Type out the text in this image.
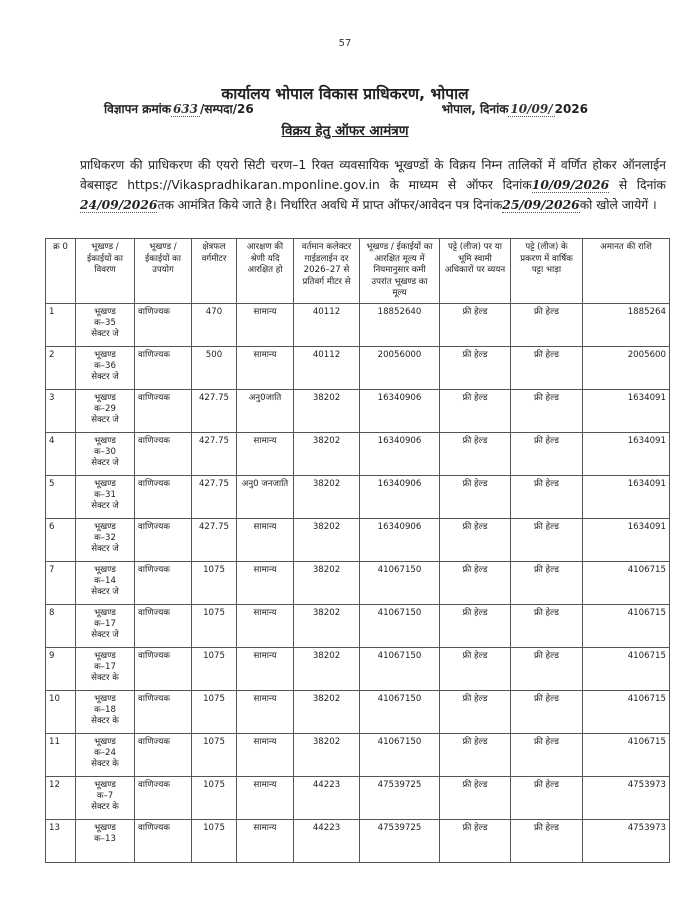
57
कार्यालय भोपाल विकास प्राधिकरण, भोपाल
विज्ञापन क्रमांक 633 /सम्पदा/26	भोपाल, दिनांक 10/09/ 2026
विक्रय हेतु ऑफर आमंत्रण
प्राधिकरण की प्राधिकरण की एयरो सिटी चरण–1 रिक्त व्यवसायिक भूखण्डों के विक्रय निम्न तालिकों में वर्णित होकर ऑनलाईन वेबसाइट https://Vikaspradhikaran.mponline.gov.in के माध्यम से ऑफर दिनांक10/09/2026 से दिनांक 24/09/2026तक आमंत्रित किये जाते है। निर्धारित अवधि में प्राप्त ऑफर/आवेदन पत्र दिनांक25/09/2026को खोले जायेगें ।
क्र 0	भूखण्ड / ईकाईयों का विवरण	भूखण्ड / ईकाईयों का उपयोग	क्षेत्रफल वर्गमीटर	आरक्षण की श्रेणी यदि आरक्षित हो	वर्तमान कलेक्टर गाईडलाईन दर 2026–27 से प्रतिवर्ग मीटर से	भूखण्ड / ईकाईयों का आरक्षित मूल्य में नियमानुसार कमी उपरांत भूखण्ड का मूल्य	पट्टे (लीज) पर या भूमि स्वामी अधिकारों पर व्ययन	पट्टे (लीज) के प्रकरण में वार्षिक पट्टा भाड़ा	अमानत की राशि
1	भूखण्ड
क–35
सेक्टर जे	वाणिज्यक	470	सामान्य	40112	18852640	फ्री हेल्ड	फ्री हेल्ड	1885264
2	भूखण्ड
क–36
सेक्टर जे	वाणिज्यक	500	सामान्य	40112	20056000	फ्री हेल्ड	फ्री हेल्ड	2005600
3	भूखण्ड
क–29
सेक्टर जे	वाणिज्यक	427.75	अनु0जाति	38202	16340906	फ्री हेल्ड	फ्री हेल्ड	1634091
4	भूखण्ड
क–30
सेक्टर जे	वाणिज्यक	427.75	सामान्य	38202	16340906	फ्री हेल्ड	फ्री हेल्ड	1634091
5	भूखण्ड
क–31
सेक्टर जे	वाणिज्यक	427.75	अनु0 जनजाति	38202	16340906	फ्री हेल्ड	फ्री हेल्ड	1634091
6	भूखण्ड
क–32
सेक्टर जे	वाणिज्यक	427.75	सामान्य	38202	16340906	फ्री हेल्ड	फ्री हेल्ड	1634091
7	भूखण्ड
क–14
सेक्टर जे	वाणिज्यक	1075	सामान्य	38202	41067150	फ्री हेल्ड	फ्री हेल्ड	4106715
8	भूखण्ड
क–17
सेक्टर जे	वाणिज्यक	1075	सामान्य	38202	41067150	फ्री हेल्ड	फ्री हेल्ड	4106715
9	भूखण्ड
क–17
सेक्टर के	वाणिज्यक	1075	सामान्य	38202	41067150	फ्री हेल्ड	फ्री हेल्ड	4106715
10	भूखण्ड
क–18
सेक्टर के	वाणिज्यक	1075	सामान्य	38202	41067150	फ्री हेल्ड	फ्री हेल्ड	4106715
11	भूखण्ड
क–24
सेक्टर के	वाणिज्यक	1075	सामान्य	38202	41067150	फ्री हेल्ड	फ्री हेल्ड	4106715
12	भूखण्ड
क–7
सेक्टर के	वाणिज्यक	1075	सामान्य	44223	47539725	फ्री हेल्ड	फ्री हेल्ड	4753973
13	भूखण्ड
क–13	वाणिज्यक	1075	सामान्य	44223	47539725	फ्री हेल्ड	फ्री हेल्ड	4753973
